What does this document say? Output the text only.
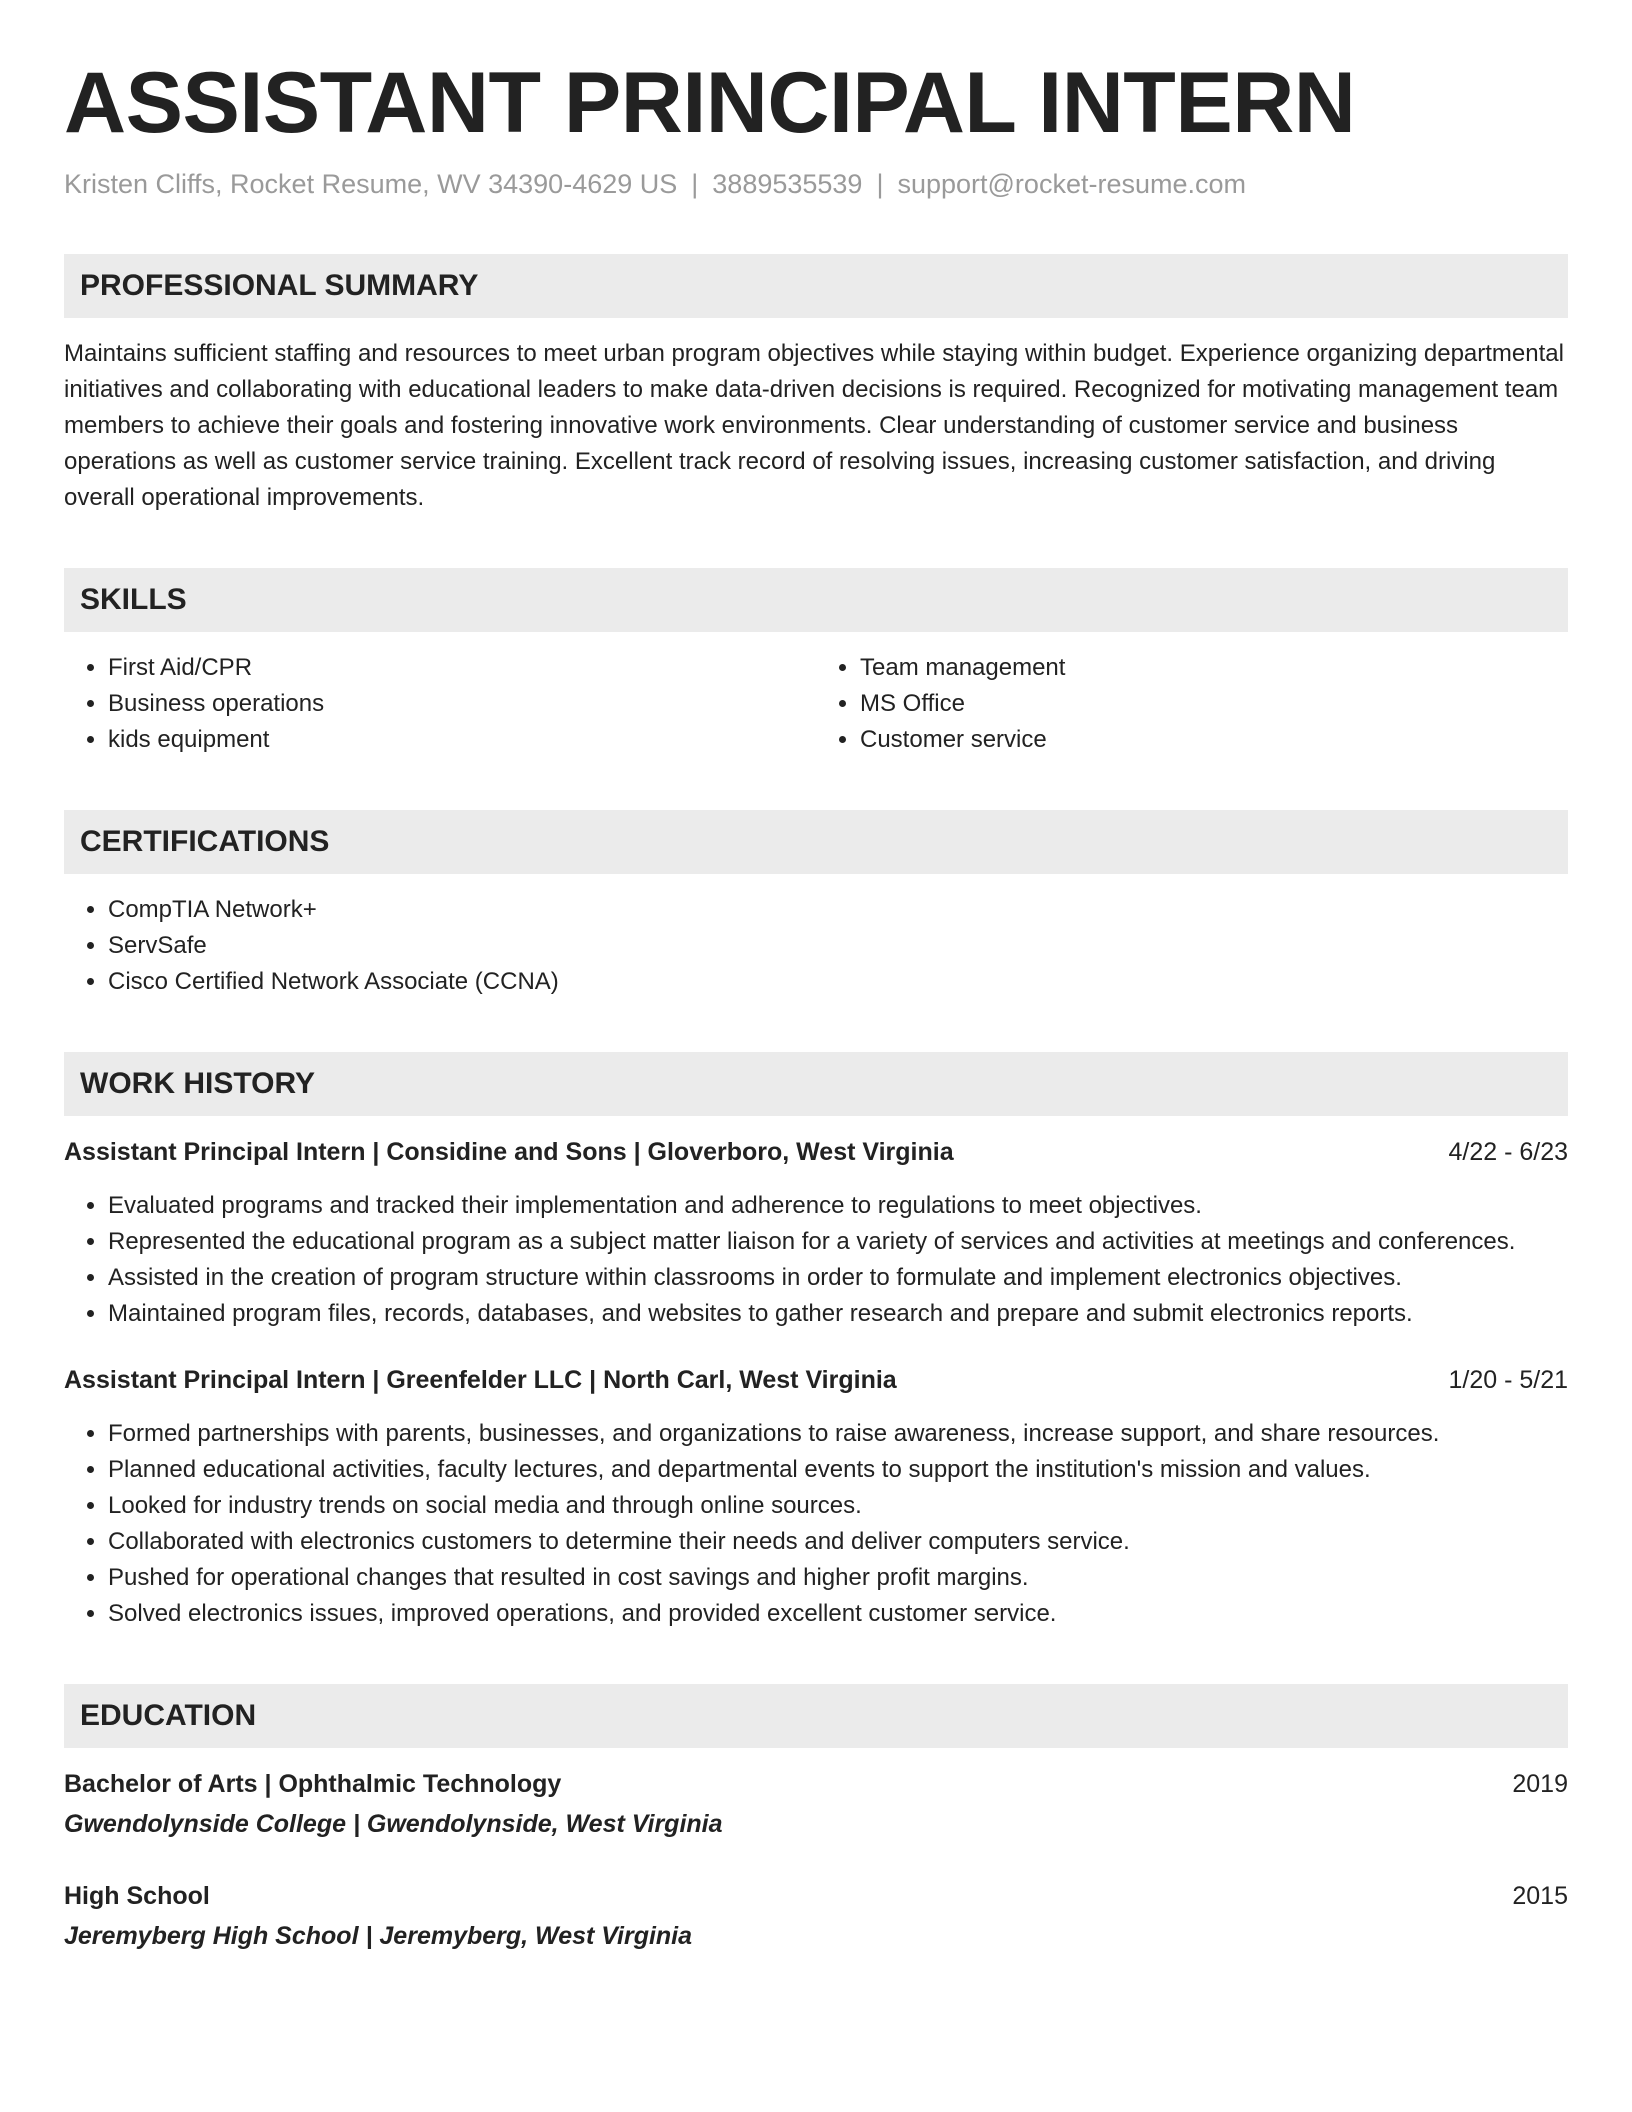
ASSISTANT PRINCIPAL INTERN
Kristen Cliffs, Rocket Resume, WV 34390-4629 US | 3889535539 | support@rocket-resume.com
PROFESSIONAL SUMMARY
Maintains sufficient staffing and resources to meet urban program objectives while staying within budget. Experience organizing departmental initiatives and collaborating with educational leaders to make data-driven decisions is required. Recognized for motivating management team members to achieve their goals and fostering innovative work environments. Clear understanding of customer service and business operations as well as customer service training. Excellent track record of resolving issues, increasing customer satisfaction, and driving overall operational improvements.
SKILLS
• First Aid/CPR
• Business operations
• kids equipment
• Team management
• MS Office
• Customer service
CERTIFICATIONS
• CompTIA Network+
• ServSafe
• Cisco Certified Network Associate (CCNA)
WORK HISTORY
Assistant Principal Intern | Considine and Sons | Gloverboro, West Virginia	4/22 - 6/23
• Evaluated programs and tracked their implementation and adherence to regulations to meet objectives.
• Represented the educational program as a subject matter liaison for a variety of services and activities at meetings and conferences.
• Assisted in the creation of program structure within classrooms in order to formulate and implement electronics objectives.
• Maintained program files, records, databases, and websites to gather research and prepare and submit electronics reports.
Assistant Principal Intern | Greenfelder LLC | North Carl, West Virginia	1/20 - 5/21
• Formed partnerships with parents, businesses, and organizations to raise awareness, increase support, and share resources.
• Planned educational activities, faculty lectures, and departmental events to support the institution's mission and values.
• Looked for industry trends on social media and through online sources.
• Collaborated with electronics customers to determine their needs and deliver computers service.
• Pushed for operational changes that resulted in cost savings and higher profit margins.
• Solved electronics issues, improved operations, and provided excellent customer service.
EDUCATION
Bachelor of Arts | Ophthalmic Technology	2019
Gwendolynside College | Gwendolynside, West Virginia
High School	2015
Jeremyberg High School | Jeremyberg, West Virginia
